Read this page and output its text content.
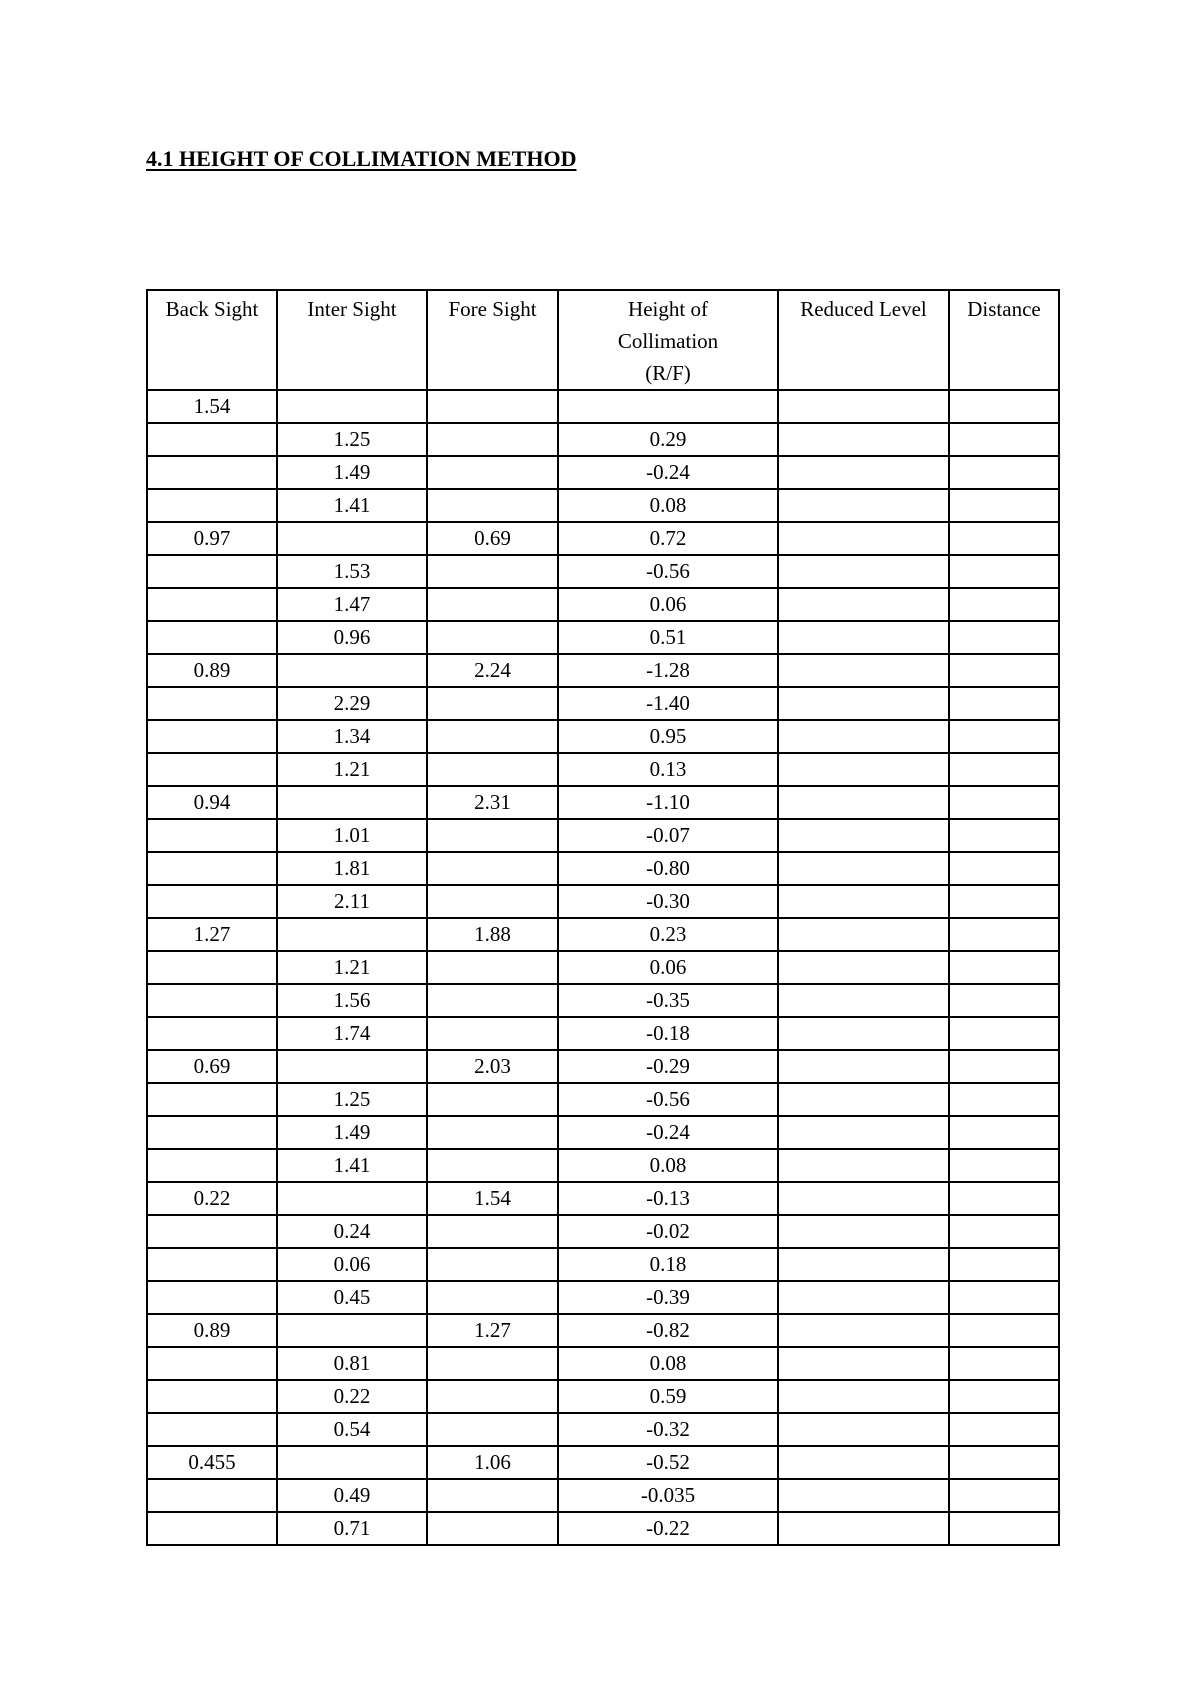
4.1 HEIGHT OF COLLIMATION METHOD
Back Sight	Inter Sight	Fore Sight	Height of Collimation (R/F)	Reduced Level	Distance
1.54					
	1.25		0.29		
	1.49		-0.24		
	1.41		0.08		
0.97		0.69	0.72		
	1.53		-0.56		
	1.47		0.06		
	0.96		0.51		
0.89		2.24	-1.28		
	2.29		-1.40		
	1.34		0.95		
	1.21		0.13		
0.94		2.31	-1.10		
	1.01		-0.07		
	1.81		-0.80		
	2.11		-0.30		
1.27		1.88	0.23		
	1.21		0.06		
	1.56		-0.35		
	1.74		-0.18		
0.69		2.03	-0.29		
	1.25		-0.56		
	1.49		-0.24		
	1.41		0.08		
0.22		1.54	-0.13		
	0.24		-0.02		
	0.06		0.18		
	0.45		-0.39		
0.89		1.27	-0.82		
	0.81		0.08		
	0.22		0.59		
	0.54		-0.32		
0.455		1.06	-0.52		
	0.49		-0.035		
	0.71		-0.22		
